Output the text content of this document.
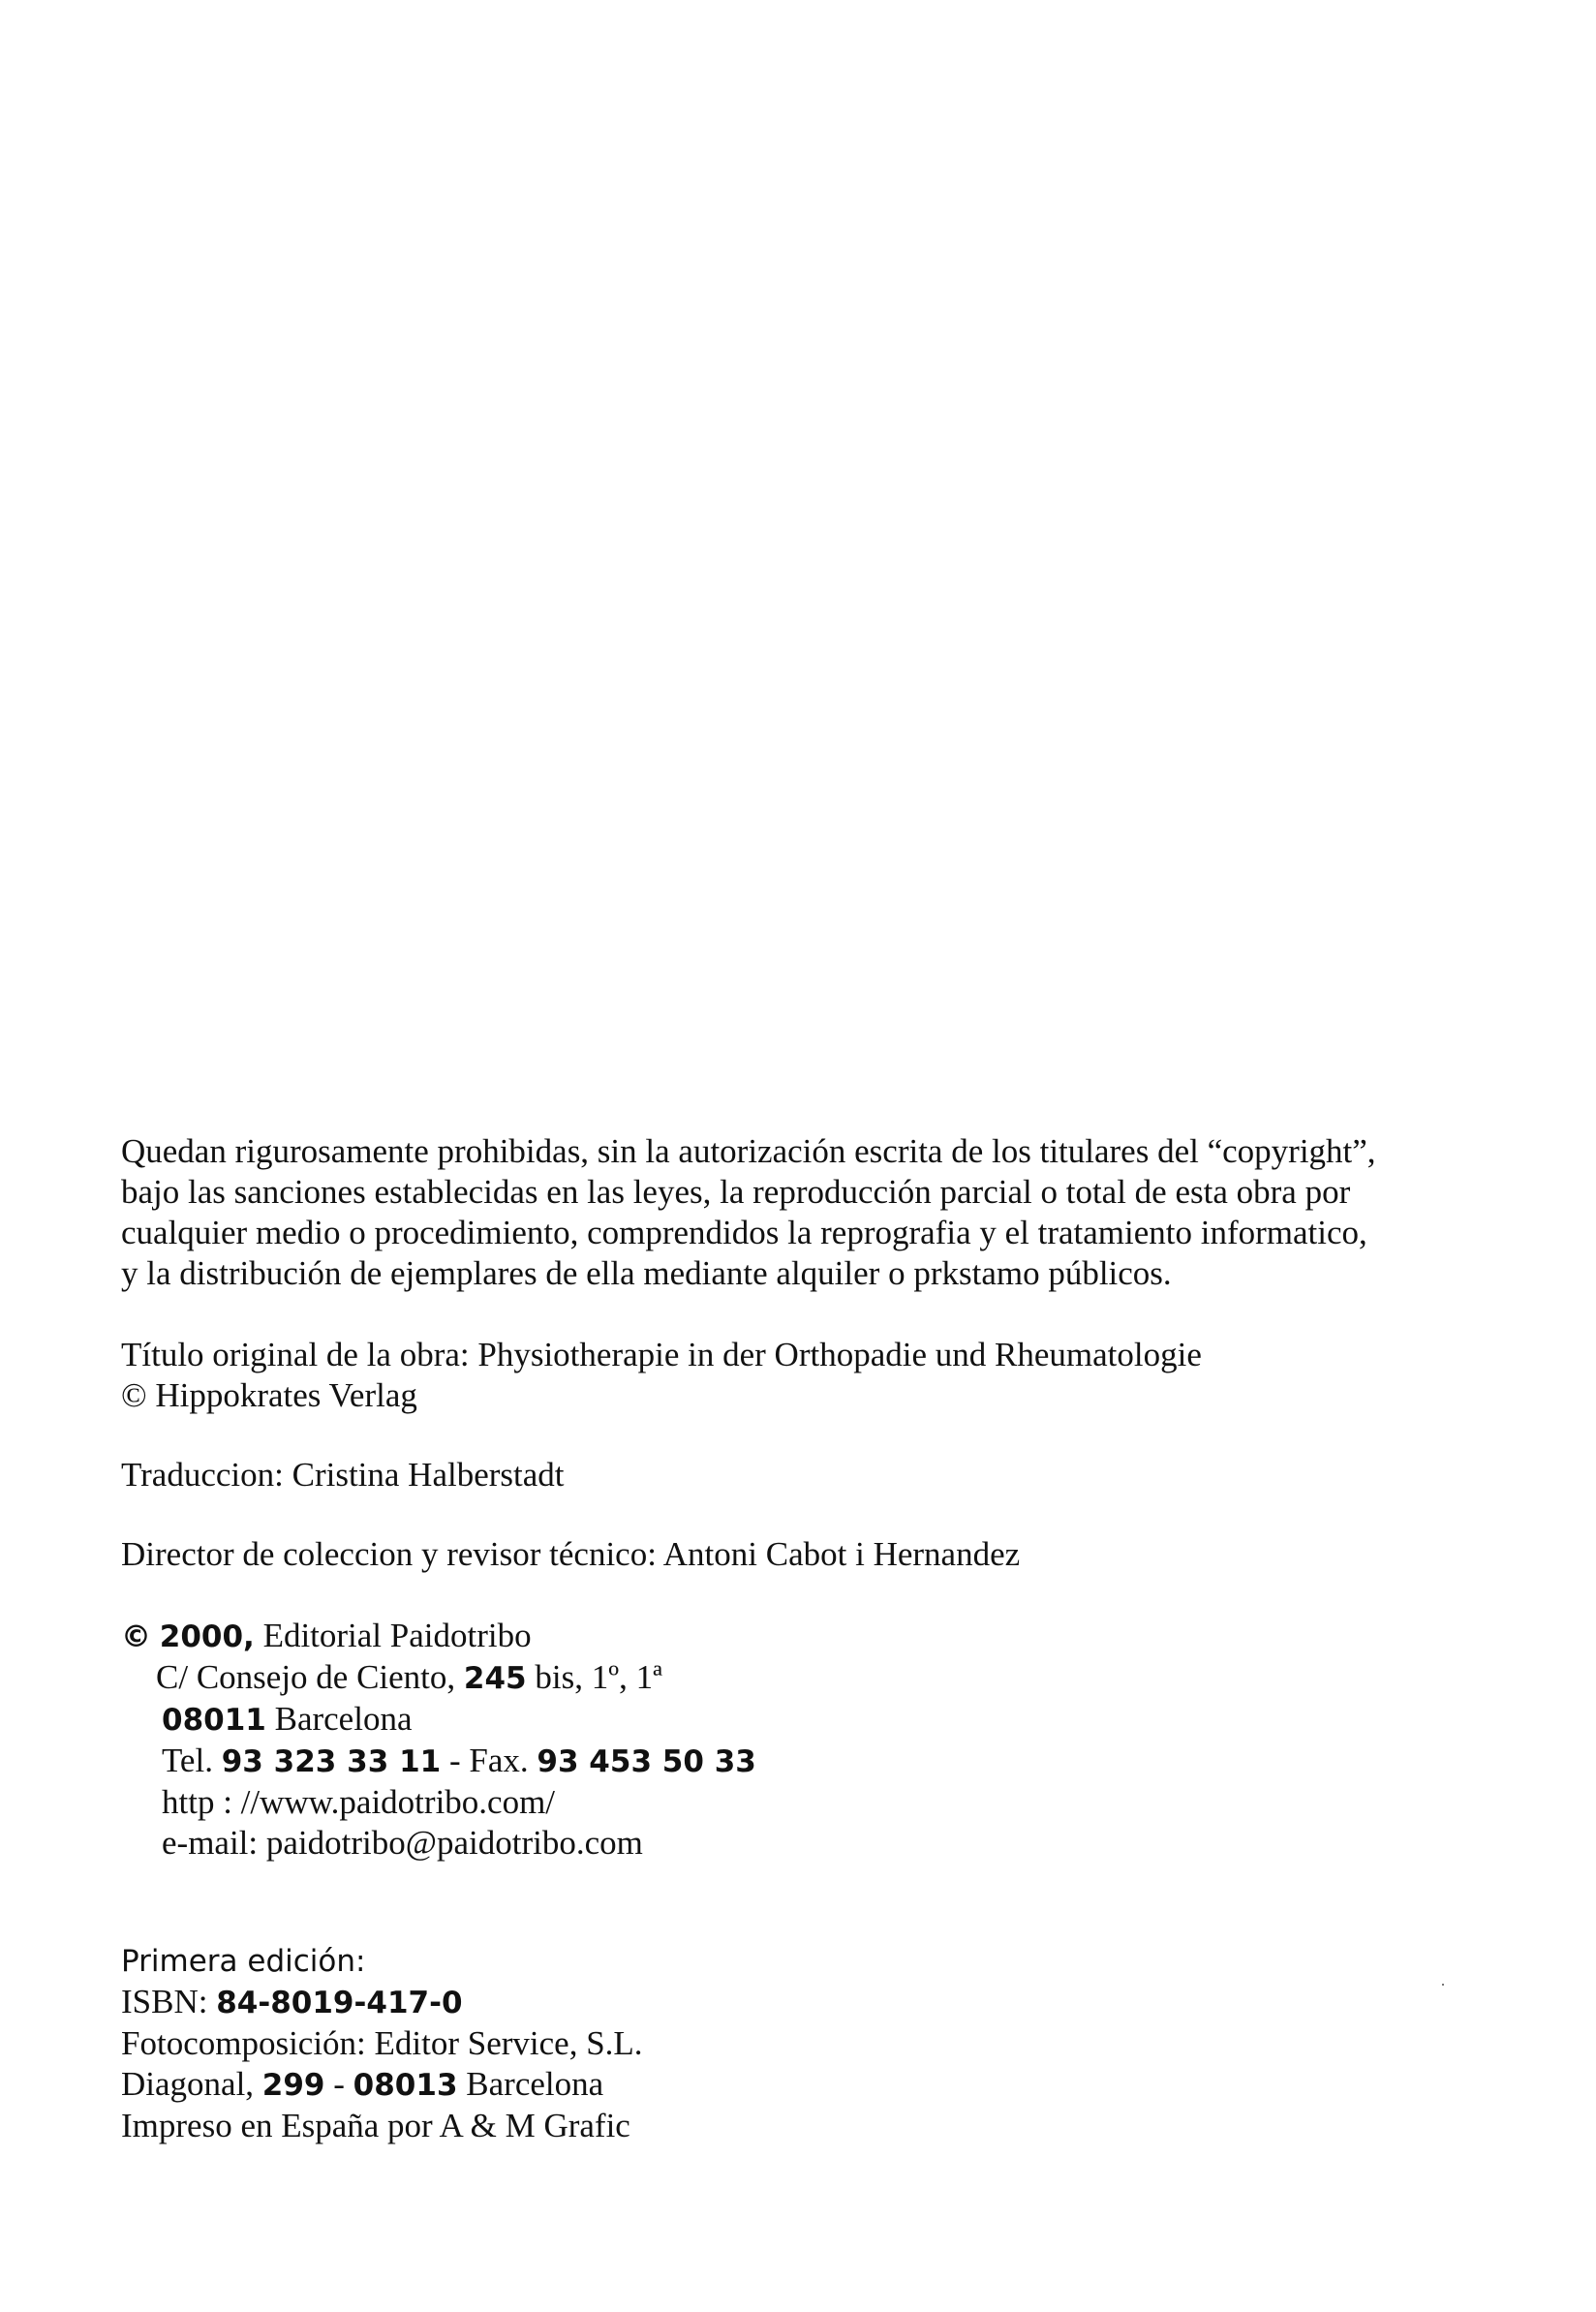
Quedan rigurosamente prohibidas, sin la autorización escrita de los titulares del “copyright”,
bajo las sanciones establecidas en las leyes, la reproducción parcial o total de esta obra por
cualquier medio o procedimiento, comprendidos la reprografia y el tratamiento informatico,
y la distribución de ejemplares de ella mediante alquiler o prkstamo públicos.
Título original de la obra: Physiotherapie in der Orthopadie und Rheumatologie
© Hippokrates Verlag
Traduccion: Cristina Halberstadt
Director de coleccion y revisor técnico: Antoni Cabot i Hernandez
© 2000, Editorial Paidotribo
C/ Consejo de Ciento, 245 bis, 1º, 1ª
08011 Barcelona
Tel. 93 323 33 11 - Fax. 93 453 50 33
http : //www.paidotribo.com/
e-mail: paidotribo@paidotribo.com
Primera edición:
ISBN: 84-8019-417-0
Fotocomposición: Editor Service, S.L.
Diagonal, 299 - 08013 Barcelona
Impreso en España por A & M Grafic
